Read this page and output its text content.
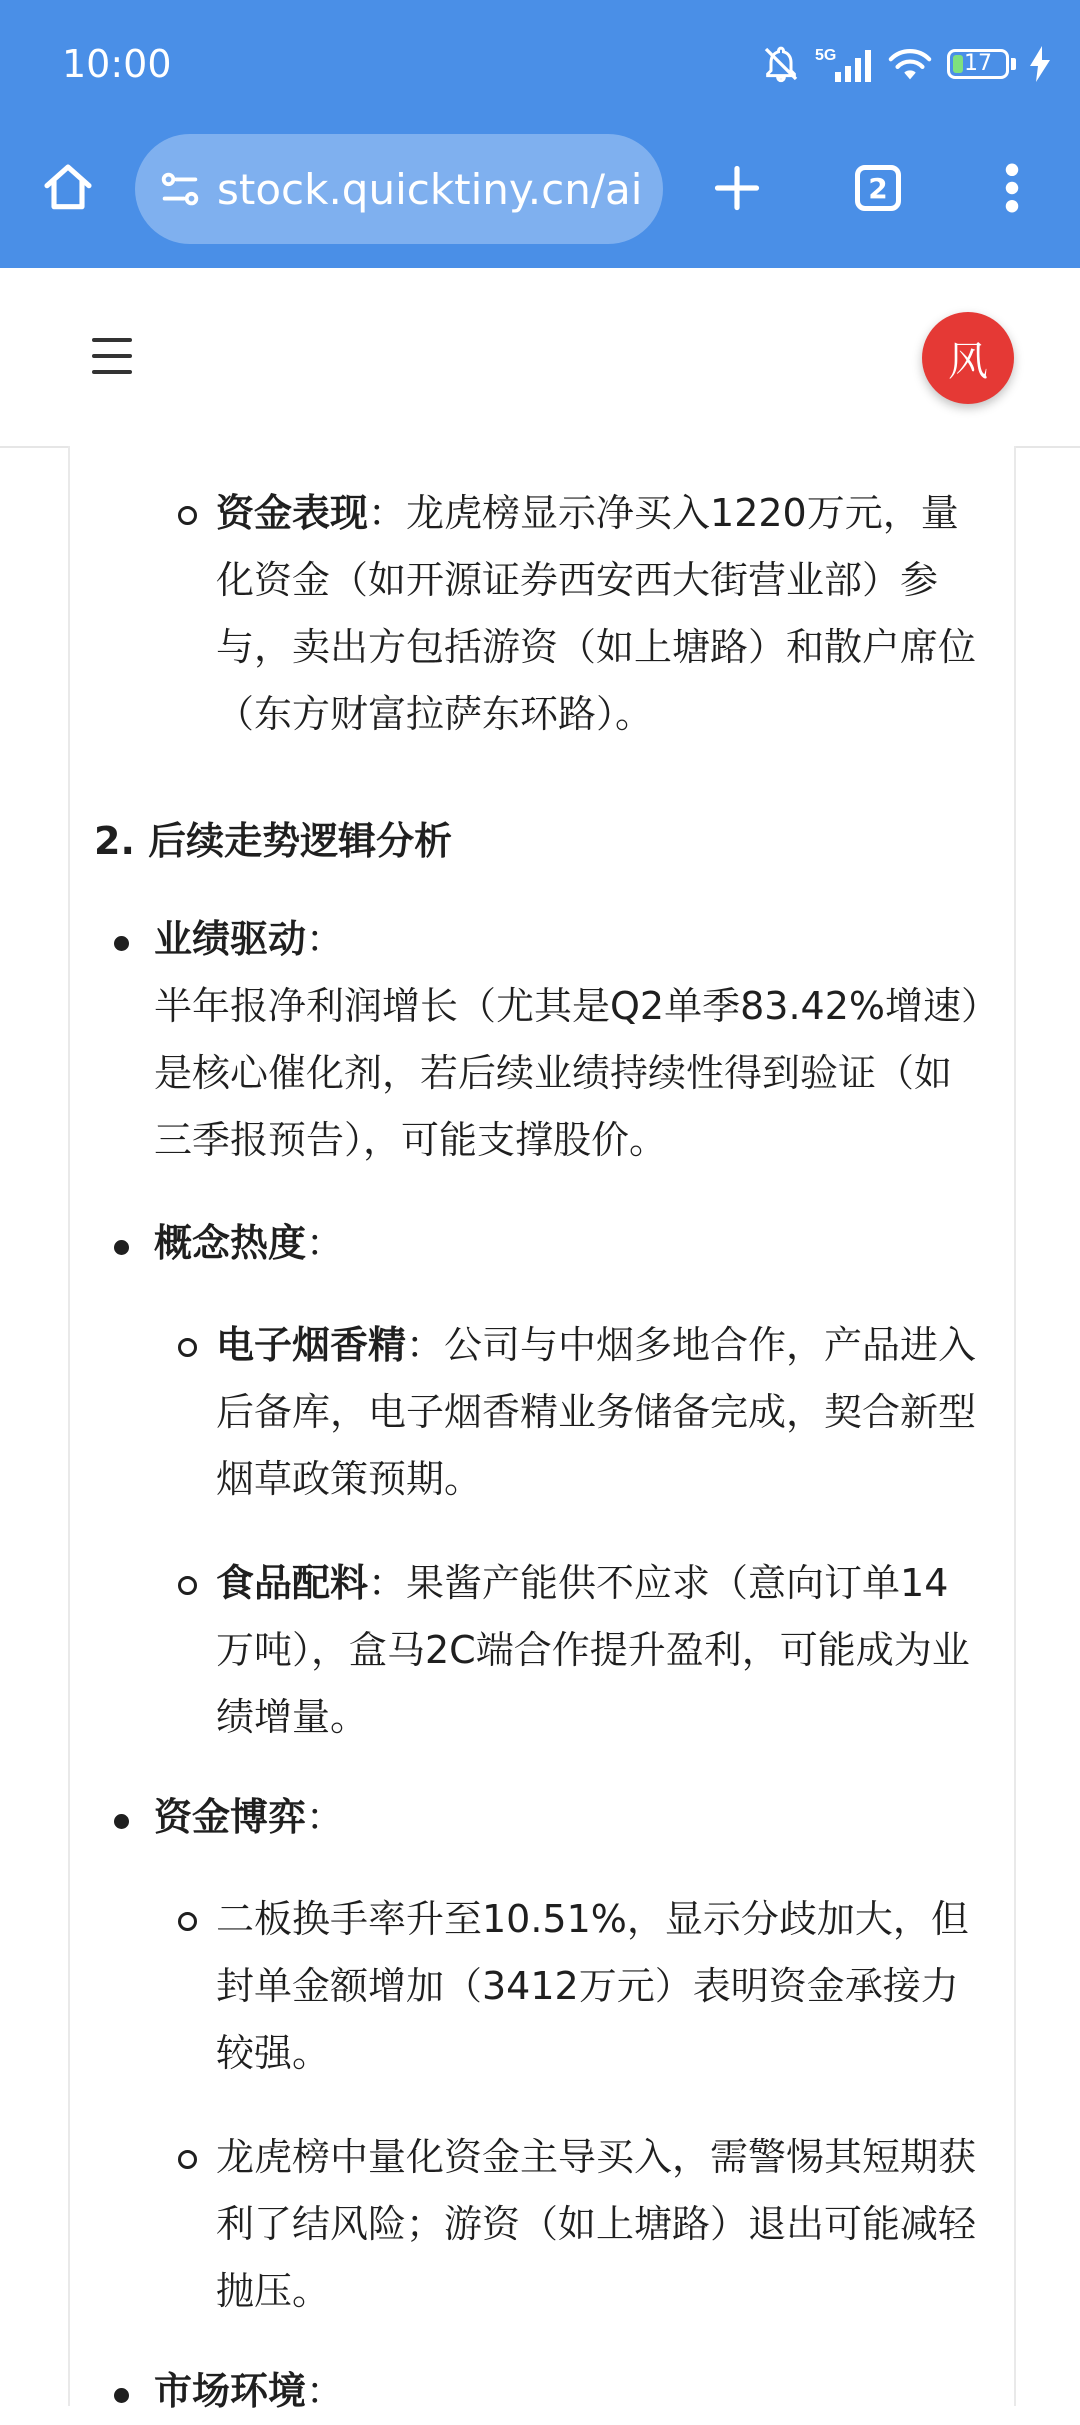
10:00	5G	17
stock.quicktiny.cn/ai	2
风
资金表现：龙虎榜显示净买入1220万元，量化资金（如开源证券西安西大街营业部）参与，卖出方包括游资（如上塘路）和散户席位（东方财富拉萨东环路）。
2. 后续走势逻辑分析
业绩驱动：
半年报净利润增长（尤其是Q2单季83.42%增速）是核心催化剂，若后续业绩持续性得到验证（如三季报预告），可能支撑股价。
概念热度：
电子烟香精：公司与中烟多地合作，产品进入后备库，电子烟香精业务储备完成，契合新型烟草政策预期。
食品配料：果酱产能供不应求（意向订单14万吨），盒马2C端合作提升盈利，可能成为业绩增量。
资金博弈：
二板换手率升至10.51%，显示分歧加大，但封单金额增加（3412万元）表明资金承接力较强。
龙虎榜中量化资金主导买入，需警惕其短期获利了结风险；游资（如上塘路）退出可能减轻抛压。
市场环境：
